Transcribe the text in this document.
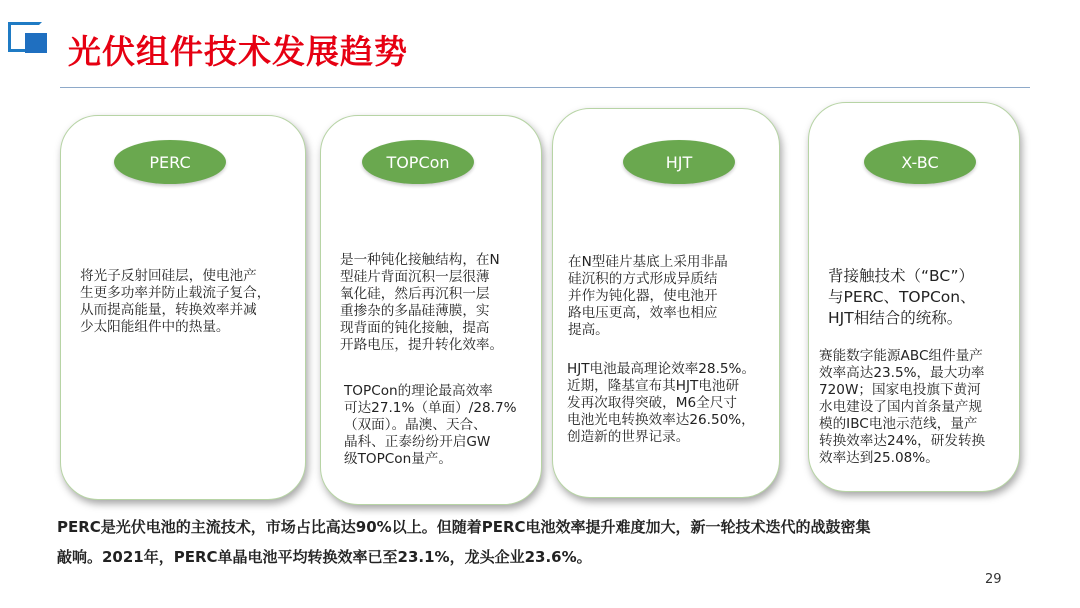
光伏组件技术发展趋势
PERC
将光子反射回硅层，使电池产
生更多功率并防止载流子复合，
从而提高能量，转换效率并减
少太阳能组件中的热量。
TOPCon
是一种钝化接触结构，在N
型硅片背面沉积一层很薄
氧化硅，然后再沉积一层
重掺杂的多晶硅薄膜，实
现背面的钝化接触，提高
开路电压，提升转化效率。
TOPCon的理论最高效率
可达27.1%（单面）/28.7%
（双面）。晶澳、天合、
晶科、正泰纷纷开启GW
级TOPCon量产。
HJT
在N型硅片基底上采用非晶
硅沉积的方式形成异质结
并作为钝化器，使电池开
路电压更高，效率也相应
提高。
HJT电池最高理论效率28.5%。
近期，隆基宣布其HJT电池研
发再次取得突破，M6全尺寸
电池光电转换效率达26.50%，
创造新的世界记录。
X-BC
背接触技术（“BC”）
与PERC、TOPCon、
HJT相结合的统称。
赛能数字能源ABC组件量产
效率高达23.5%，最大功率
720W；国家电投旗下黄河
水电建设了国内首条量产规
模的IBC电池示范线，量产
转换效率达24%，研发转换
效率达到25.08%。
PERC是光伏电池的主流技术，市场占比高达90%以上。但随着PERC电池效率提升难度加大，新一轮技术迭代的战鼓密集
敲响。2021年，PERC单晶电池平均转换效率已至23.1%，龙头企业23.6%。
29
